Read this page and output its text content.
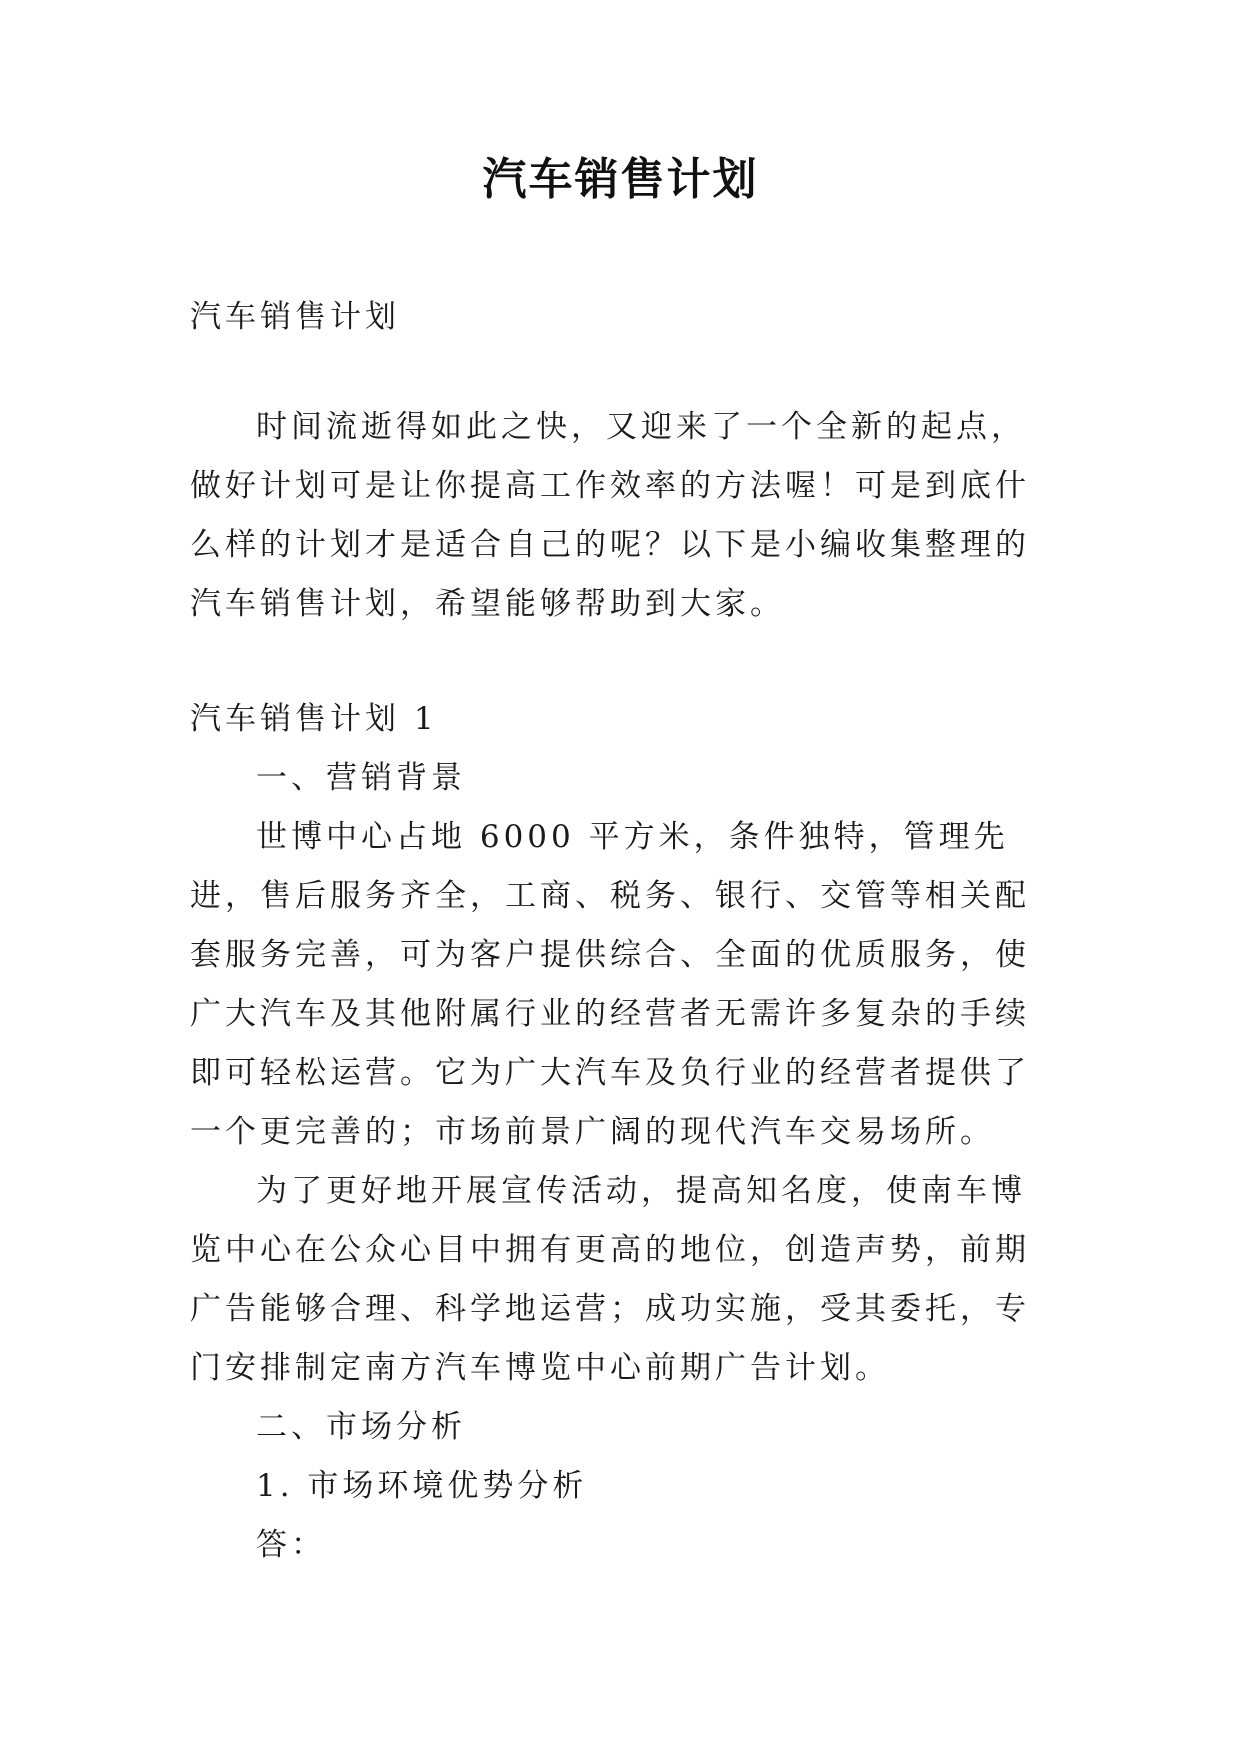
汽车销售计划

汽车销售计划

时间流逝得如此之快，又迎来了一个全新的起点，做好计划可是让你提高工作效率的方法喔！可是到底什么样的计划才是适合自己的呢？以下是小编收集整理的汽车销售计划，希望能够帮助到大家。

汽车销售计划 1

一、营销背景

世博中心占地 6000 平方米，条件独特，管理先进，售后服务齐全，工商、税务、银行、交管等相关配套服务完善，可为客户提供综合、全面的优质服务，使广大汽车及其他附属行业的经营者无需许多复杂的手续即可轻松运营。它为广大汽车及负行业的经营者提供了一个更完善的；市场前景广阔的现代汽车交易场所。

为了更好地开展宣传活动，提高知名度，使南车博览中心在公众心目中拥有更高的地位，创造声势，前期广告能够合理、科学地运营；成功实施，受其委托，专门安排制定南方汽车博览中心前期广告计划。

二、市场分析

1. 市场环境优势分析

答：
